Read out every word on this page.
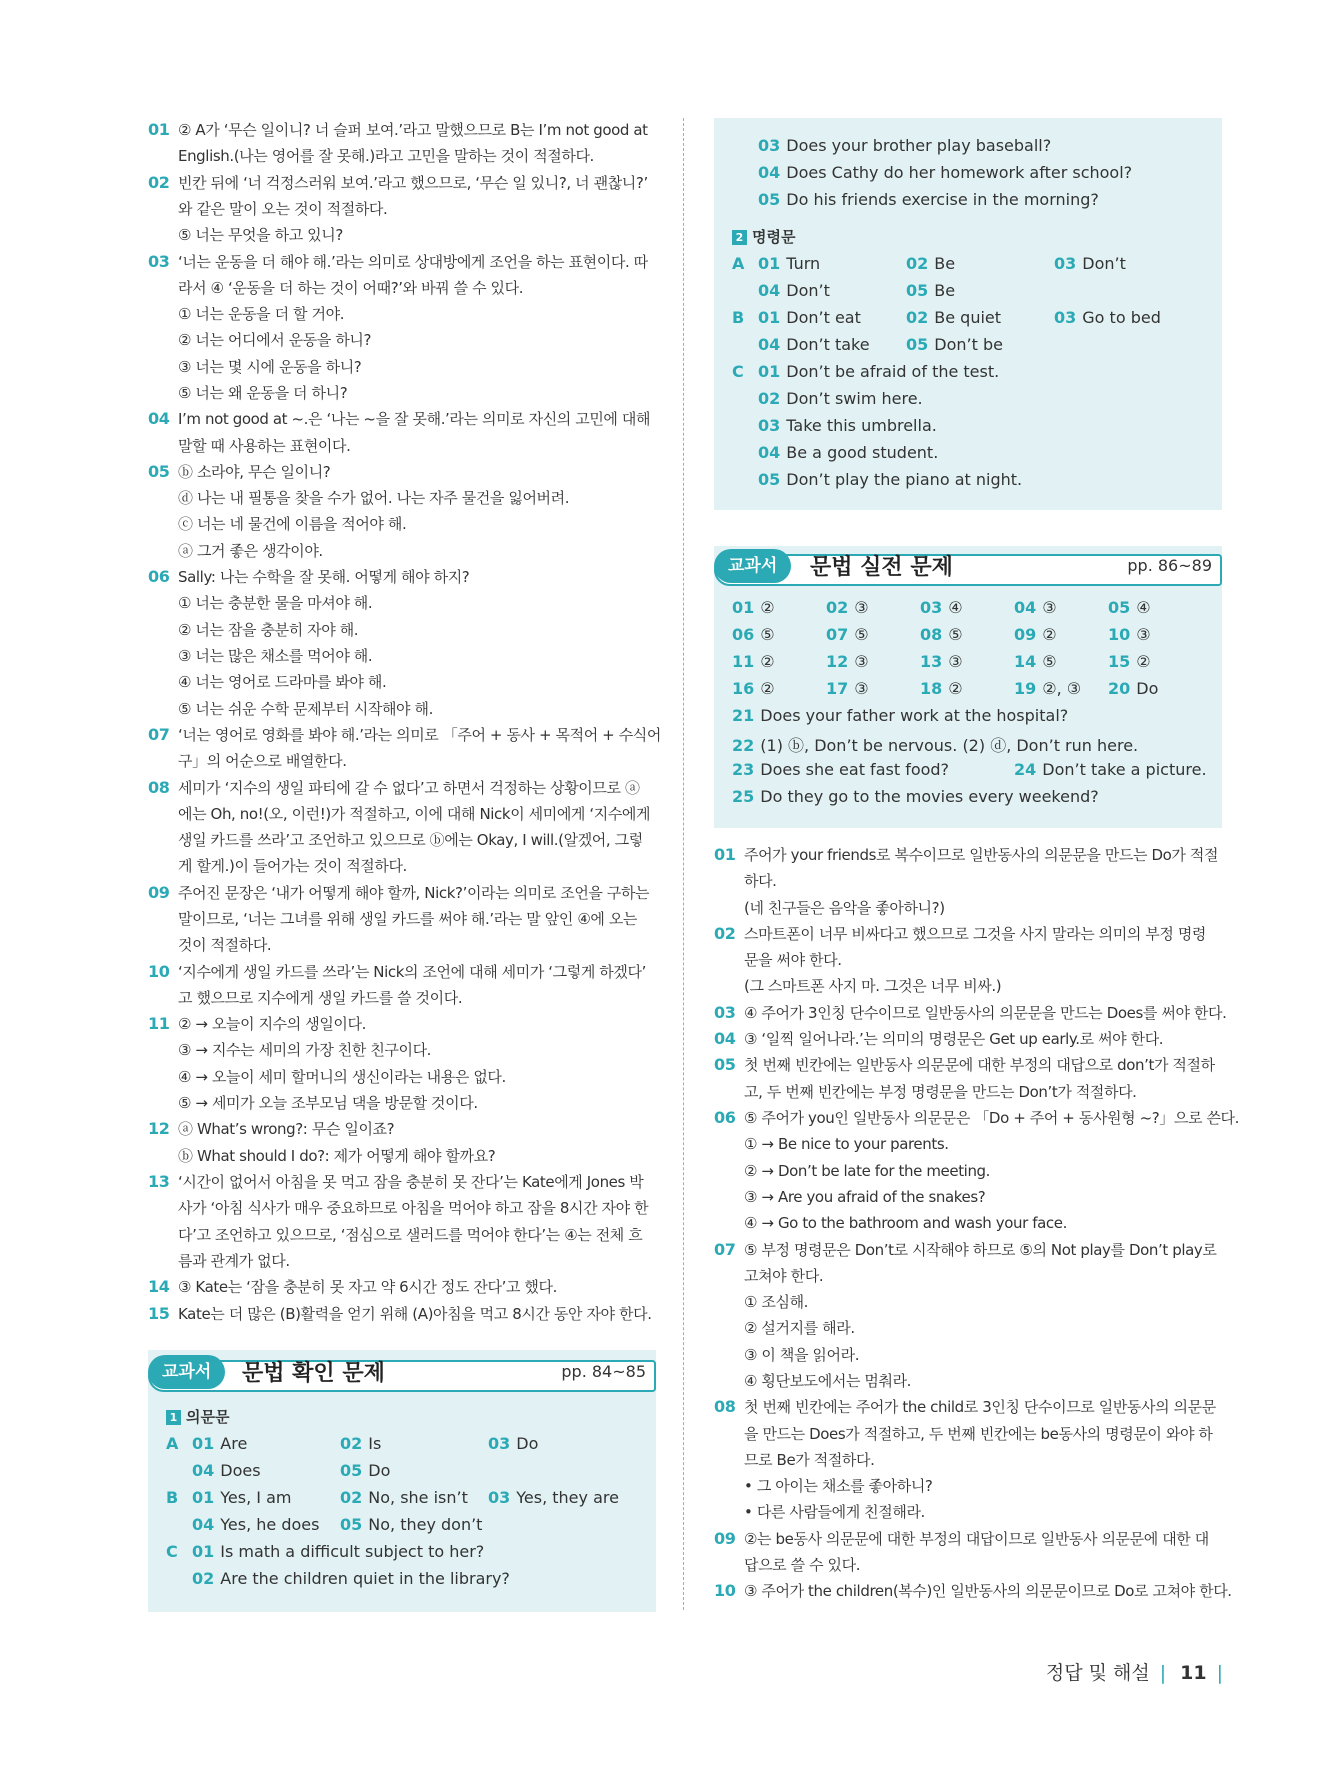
01 ② A가 ‘무슨 일이니? 너 슬퍼 보여.’라고 말했으므로 B는 I’m not good at
English.(나는 영어를 잘 못해.)라고 고민을 말하는 것이 적절하다.
02 빈칸 뒤에 ‘너 걱정스러워 보여.’라고 했으므로, ‘무슨 일 있니?, 너 괜찮니?’
와 같은 말이 오는 것이 적절하다.
⑤ 너는 무엇을 하고 있니?
03 ‘너는 운동을 더 해야 해.’라는 의미로 상대방에게 조언을 하는 표현이다. 따
라서 ④ ‘운동을 더 하는 것이 어때?’와 바꿔 쓸 수 있다.
① 너는 운동을 더 할 거야.
② 너는 어디에서 운동을 하니?
③ 너는 몇 시에 운동을 하니?
⑤ 너는 왜 운동을 더 하니?
04 I’m not good at ~.은 ‘나는 ~을 잘 못해.’라는 의미로 자신의 고민에 대해
말할 때 사용하는 표현이다.
05 ⓑ 소라야, 무슨 일이니?
ⓓ 나는 내 필통을 찾을 수가 없어. 나는 자주 물건을 잃어버려.
ⓒ 너는 네 물건에 이름을 적어야 해.
ⓐ 그거 좋은 생각이야.
06 Sally: 나는 수학을 잘 못해. 어떻게 해야 하지?
① 너는 충분한 물을 마셔야 해.
② 너는 잠을 충분히 자야 해.
③ 너는 많은 채소를 먹어야 해.
④ 너는 영어로 드라마를 봐야 해.
⑤ 너는 쉬운 수학 문제부터 시작해야 해.
07 ‘너는 영어로 영화를 봐야 해.’라는 의미로 「주어 + 동사 + 목적어 + 수식어
구」의 어순으로 배열한다.
08 세미가 ‘지수의 생일 파티에 갈 수 없다’고 하면서 걱정하는 상황이므로 ⓐ
에는 Oh, no!(오, 이런!)가 적절하고, 이에 대해 Nick이 세미에게 ‘지수에게
생일 카드를 쓰라’고 조언하고 있으므로 ⓑ에는 Okay, I will.(알겠어, 그렇
게 할게.)이 들어가는 것이 적절하다.
09 주어진 문장은 ‘내가 어떻게 해야 할까, Nick?’이라는 의미로 조언을 구하는
말이므로, ‘너는 그녀를 위해 생일 카드를 써야 해.’라는 말 앞인 ④에 오는
것이 적절하다.
10 ‘지수에게 생일 카드를 쓰라’는 Nick의 조언에 대해 세미가 ‘그렇게 하겠다’
고 했으므로 지수에게 생일 카드를 쓸 것이다.
11 ② → 오늘이 지수의 생일이다.
③ → 지수는 세미의 가장 친한 친구이다.
④ → 오늘이 세미 할머니의 생신이라는 내용은 없다.
⑤ → 세미가 오늘 조부모님 댁을 방문할 것이다.
12 ⓐ What’s wrong?: 무슨 일이죠?
ⓑ What should I do?: 제가 어떻게 해야 할까요?
13 ‘시간이 없어서 아침을 못 먹고 잠을 충분히 못 잔다’는 Kate에게 Jones 박
사가 ‘아침 식사가 매우 중요하므로 아침을 먹어야 하고 잠을 8시간 자야 한
다’고 조언하고 있으므로, ‘점심으로 샐러드를 먹어야 한다’는 ④는 전체 흐
름과 관계가 없다.
14 ③ Kate는 ‘잠을 충분히 못 자고 약 6시간 정도 잔다’고 했다.
15 Kate는 더 많은 (B)활력을 얻기 위해 (A)아침을 먹고 8시간 동안 자야 한다.
1 의문문
A 01 Are	02 Is	03 Do
04 Does	05 Do
B 01 Yes, I am	02 No, she isn’t 03 Yes, they are
04 Yes, he does 05 No, they don’t
C 01 Is math a difficult subject to her?
02 Are the children quiet in the library?
교과서	문법 확인 문제	pp. 84~85
03 Does your brother play baseball?
04 Does Cathy do her homework after school?
05 Do his friends exercise in the morning?
2 명령문
A 01 Turn	02 Be	03 Don’t
04 Don’t	05 Be
B 01 Don’t eat	02 Be quiet	03 Go to bed
04 Don’t take 05 Don’t be
C 01 Don’t be afraid of the test.
02 Don’t swim here.
03 Take this umbrella.
04 Be a good student.
05 Don’t play the piano at night.
01 ②	02 ③	03 ④	04 ③	05 ④
06 ⑤	07 ⑤	08 ⑤	09 ②	10 ③
11 ②	12 ③	13 ③	14 ⑤	15 ②
16 ②	17 ③	18 ②	19 ②, ③ 20 Do
21 Does your father work at the hospital?
22 (1) ⓑ, Don’t be nervous. (2) ⓓ, Don’t run here.
23 Does she eat fast food?	24 Don’t take a picture.
25 Do they go to the movies every weekend?
교과서	문법 실전 문제	pp. 86~89
01 주어가 your friends로 복수이므로 일반동사의 의문문을 만드는 Do가 적절
하다.
(네 친구들은 음악을 좋아하니?)
02 스마트폰이 너무 비싸다고 했으므로 그것을 사지 말라는 의미의 부정 명령
문을 써야 한다.
(그 스마트폰 사지 마. 그것은 너무 비싸.)
03 ④ 주어가 3인칭 단수이므로 일반동사의 의문문을 만드는 Does를 써야 한다.
04 ③ ‘일찍 일어나라.’는 의미의 명령문은 Get up early.로 써야 한다.
05 첫 번째 빈칸에는 일반동사 의문문에 대한 부정의 대답으로 don’t가 적절하
고, 두 번째 빈칸에는 부정 명령문을 만드는 Don’t가 적절하다.
06 ⑤ 주어가 you인 일반동사 의문문은 「Do + 주어 + 동사원형 ~?」으로 쓴다.
① → Be nice to your parents.
② → Don’t be late for the meeting.
③ → Are you afraid of the snakes?
④ → Go to the bathroom and wash your face.
07 ⑤ 부정 명령문은 Don’t로 시작해야 하므로 ⑤의 Not play를 Don’t play로
고쳐야 한다.
① 조심해.
② 설거지를 해라.
③ 이 책을 읽어라.
④ 횡단보도에서는 멈춰라.
08 첫 번째 빈칸에는 주어가 the child로 3인칭 단수이므로 일반동사의 의문문
을 만드는 Does가 적절하고, 두 번째 빈칸에는 be동사의 명령문이 와야 하
므로 Be가 적절하다.
• 그 아이는 채소를 좋아하니?
• 다른 사람들에게 친절해라.
09 ②는 be동사 의문문에 대한 부정의 대답이므로 일반동사 의문문에 대한 대
답으로 쓸 수 있다.
10 ③ 주어가 the children(복수)인 일반동사의 의문문이므로 Do로 고쳐야 한다.
정답 및 해설 | 11 |
